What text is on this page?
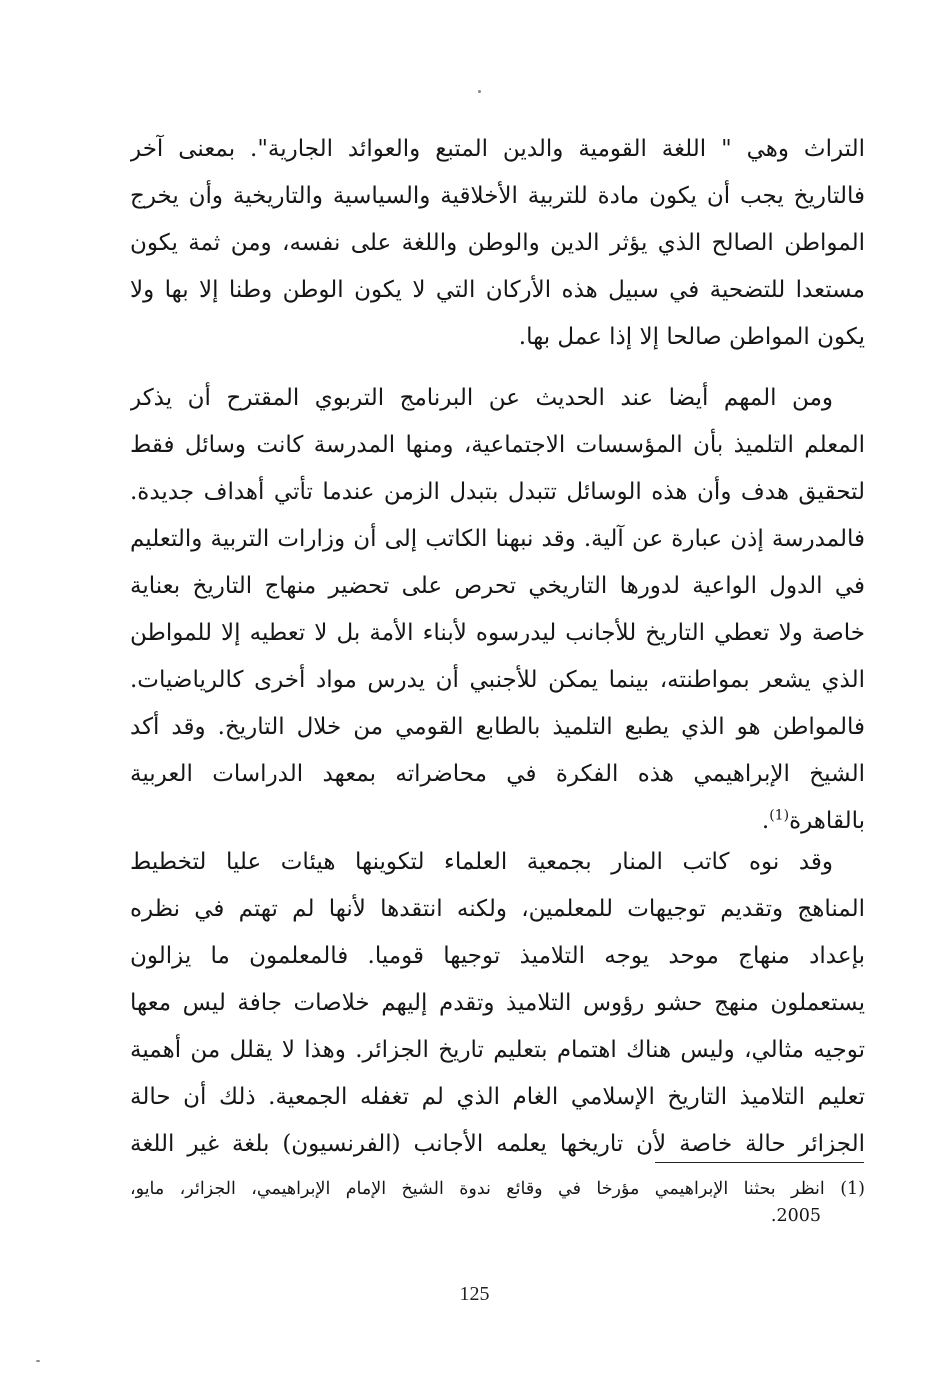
التراث وهي " اللغة القومية والدين المتبع والعوائد الجارية". بمعنى آخر
فالتاريخ يجب أن يكون مادة للتربية الأخلاقية والسياسية والتاريخية وأن يخرج
المواطن الصالح الذي يؤثر الدين والوطن واللغة على نفسه، ومن ثمة يكون
مستعدا للتضحية في سبيل هذه الأركان التي لا يكون الوطن وطنا إلا بها ولا
يكون المواطن صالحا إلا إذا عمل بها.
ومن المهم أيضا عند الحديث عن البرنامج التربوي المقترح أن يذكر
المعلم التلميذ بأن المؤسسات الاجتماعية، ومنها المدرسة كانت وسائل فقط
لتحقيق هدف وأن هذه الوسائل تتبدل بتبدل الزمن عندما تأتي أهداف جديدة.
فالمدرسة إذن عبارة عن آلية. وقد نبهنا الكاتب إلى أن وزارات التربية والتعليم
في الدول الواعية لدورها التاريخي تحرص على تحضير منهاج التاريخ بعناية
خاصة ولا تعطي التاريخ للأجانب ليدرسوه لأبناء الأمة بل لا تعطيه إلا للمواطن
الذي يشعر بمواطنته، بينما يمكن للأجنبي أن يدرس مواد أخرى كالرياضيات.
فالمواطن هو الذي يطبع التلميذ بالطابع القومي من خلال التاريخ. وقد أكد
الشيخ الإبراهيمي هذه الفكرة في محاضراته بمعهد الدراسات العربية
بالقاهرة$^{(1)}$.
وقد نوه كاتب المنار بجمعية العلماء لتكوينها هيئات عليا لتخطيط
المناهج وتقديم توجيهات للمعلمين، ولكنه انتقدها لأنها لم تهتم في نظره
بإعداد منهاج موحد يوجه التلاميذ توجيها قوميا. فالمعلمون ما يزالون
يستعملون منهج حشو رؤوس التلاميذ وتقدم إليهم خلاصات جافة ليس معها
توجيه مثالي، وليس هناك اهتمام بتعليم تاريخ الجزائر. وهذا لا يقلل من أهمية
تعليم التلاميذ التاريخ الإسلامي الغام الذي لم تغفله الجمعية. ذلك أن حالة
الجزائر حالة خاصة لأن تاريخها يعلمه الأجانب (الفرنسيون) بلغة غير اللغة
(1) انظر بحثنا الإبراهيمي مؤرخا في وقائع ندوة الشيخ الإمام الإبراهيمي، الجزائر، مايو،
2005.
125
